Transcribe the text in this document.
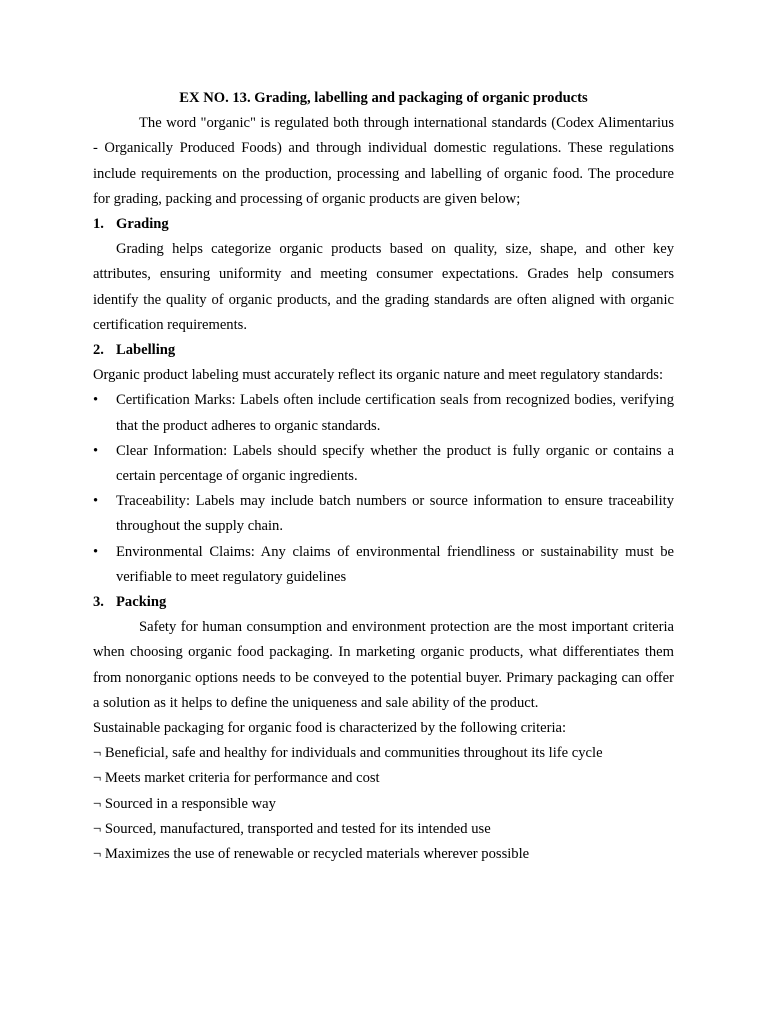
EX NO. 13. Grading, labelling and packaging of organic products

The word "organic" is regulated both through international standards (Codex Alimentarius - Organically Produced Foods) and through individual domestic regulations. These regulations include requirements on the production, processing and labelling of organic food. The procedure for grading, packing and processing of organic products are given below;

1. Grading

Grading helps categorize organic products based on quality, size, shape, and other key attributes, ensuring uniformity and meeting consumer expectations. Grades help consumers identify the quality of organic products, and the grading standards are often aligned with organic certification requirements.

2. Labelling

Organic product labeling must accurately reflect its organic nature and meet regulatory standards:

•	Certification Marks: Labels often include certification seals from recognized bodies, verifying that the product adheres to organic standards.
•	Clear Information: Labels should specify whether the product is fully organic or contains a certain percentage of organic ingredients.
•	Traceability: Labels may include batch numbers or source information to ensure traceability throughout the supply chain.
•	Environmental Claims: Any claims of environmental friendliness or sustainability must be verifiable to meet regulatory guidelines
3. Packing

Safety for human consumption and environment protection are the most important criteria when choosing organic food packaging. In marketing organic products, what differentiates them from nonorganic options needs to be conveyed to the potential buyer. Primary packaging can offer a solution as it helps to define the uniqueness and sale ability of the product.

Sustainable packaging for organic food is characterized by the following criteria:

¬ Beneficial, safe and healthy for individuals and communities throughout its life cycle
¬ Meets market criteria for performance and cost
¬ Sourced in a responsible way
¬ Sourced, manufactured, transported and tested for its intended use
¬ Maximizes the use of renewable or recycled materials wherever possible
